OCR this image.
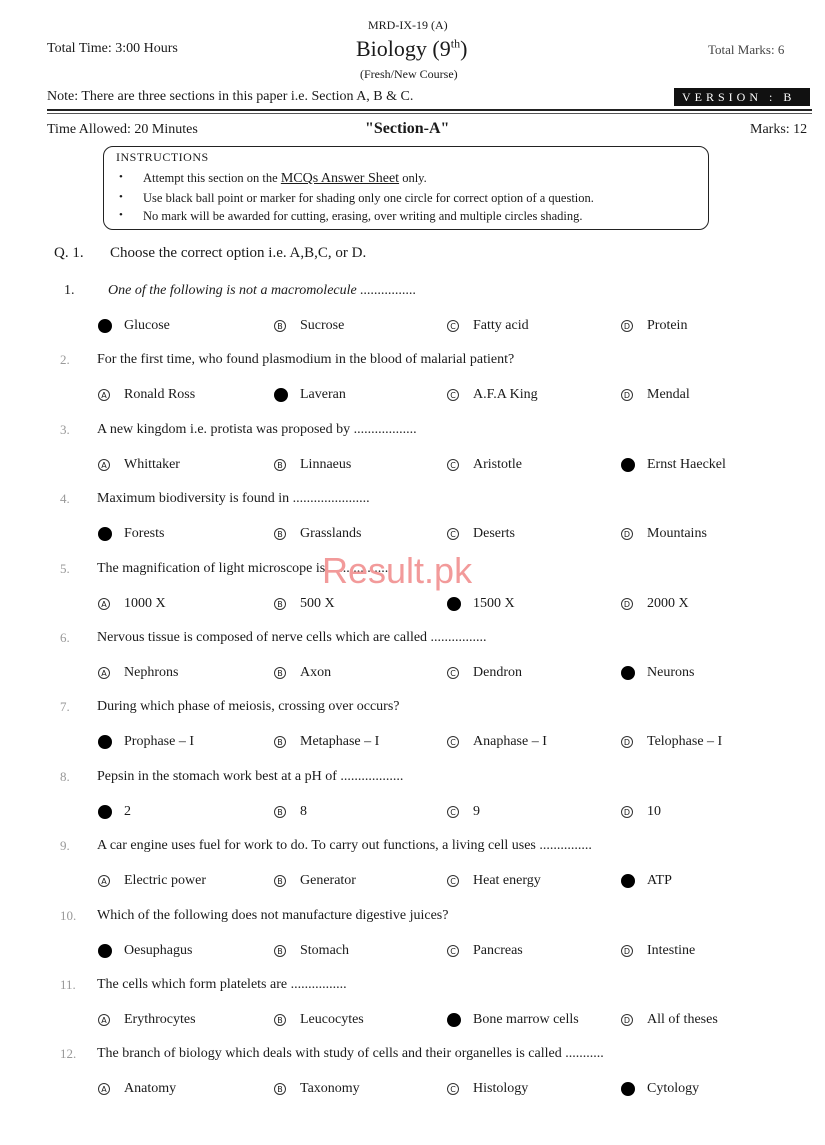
MRD-IX-19 (A)
Total Time: 3:00 Hours	Biology (9th)	Total Marks: 6
(Fresh/New Course)
Note: There are three sections in this paper i.e. Section A, B & C.	VERSION : B
Time Allowed: 20 Minutes	"Section-A"	Marks: 12
INSTRUCTIONS
• Attempt this section on the MCQs Answer Sheet only.
• Use black ball point or marker for shading only one circle for correct option of a question.
• No mark will be awarded for cutting, erasing, over writing and multiple circles shading.
Q. 1. Choose the correct option i.e. A,B,C, or D.
1. One of the following is not a macromolecule ................
Glucose	B Sucrose	C Fatty acid	D Protein
2. For the first time, who found plasmodium in the blood of malarial patient?
A Ronald Ross	Laveran	C A.F.A King	D Mendal
3. A new kingdom i.e. protista was proposed by ..................
A Whittaker	B Linnaeus	C Aristotle	Ernst Haeckel
4. Maximum biodiversity is found in ......................
Forests	B Grasslands	C Deserts	D Mountains
5. The magnification of light microscope is ..................
A 1000 X	B 500 X	1500 X	D 2000 X
6. Nervous tissue is composed of nerve cells which are called ................
A Nephrons	B Axon	C Dendron	Neurons
7. During which phase of meiosis, crossing over occurs?
Prophase – I	B Metaphase – I	C Anaphase – I	D Telophase – I
8. Pepsin in the stomach work best at a pH of ..................
2	B 8	C 9	D 10
9. A car engine uses fuel for work to do. To carry out functions, a living cell uses ...............
A Electric power	B Generator	C Heat energy	ATP
10. Which of the following does not manufacture digestive juices?
Oesuphagus	B Stomach	C Pancreas	D Intestine
11. The cells which form platelets are ................
A Erythrocytes	B Leucocytes	Bone marrow cells	D All of theses
12. The branch of biology which deals with study of cells and their organelles is called ...........
A Anatomy	B Taxonomy	C Histology	Cytology
Result.pk
